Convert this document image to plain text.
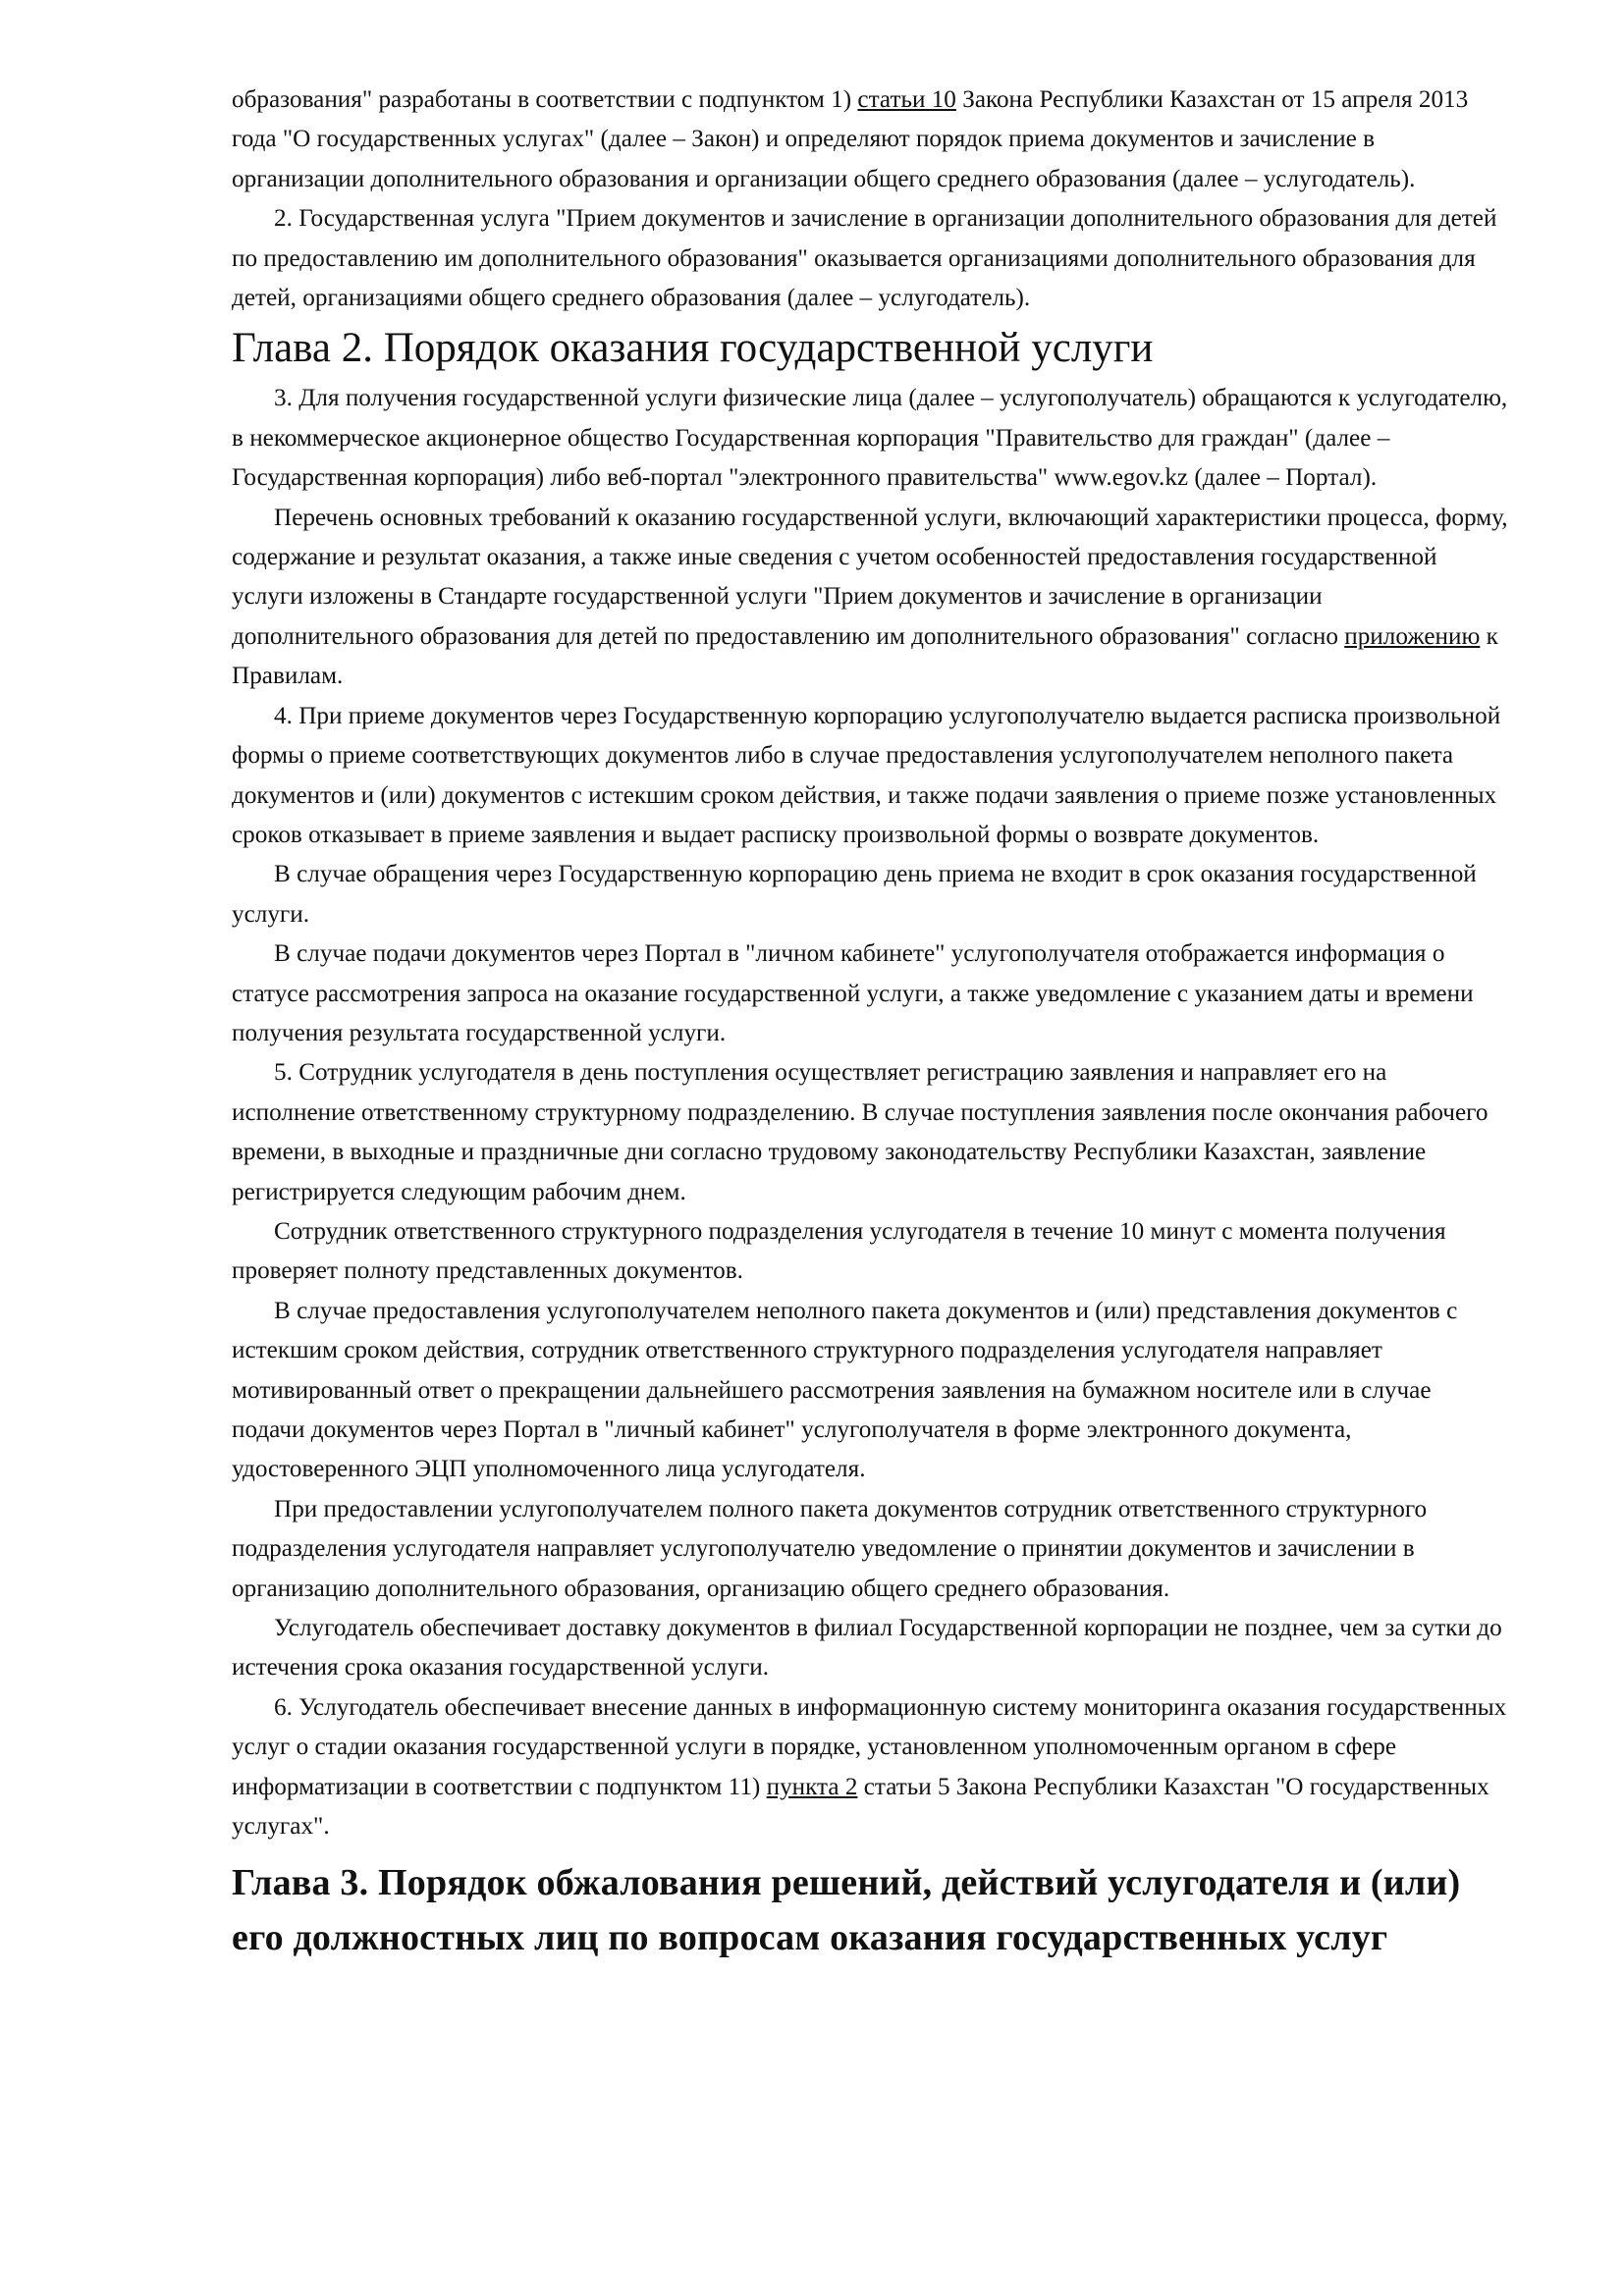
образования" разработаны в соответствии с подпунктом 1) статьи 10 Закона Республики Казахстан от 15 апреля 2013 года "О государственных услугах" (далее – Закон) и определяют порядок приема документов и зачисление в организации дополнительного образования и организации общего среднего образования (далее – услугодатель).

2. Государственная услуга "Прием документов и зачисление в организации дополнительного образования для детей по предоставлению им дополнительного образования" оказывается организациями дополнительного образования для детей, организациями общего среднего образования (далее – услугодатель).

Глава 2. Порядок оказания государственной услуги

3. Для получения государственной услуги физические лица (далее – услугополучатель) обращаются к услугодателю, в некоммерческое акционерное общество Государственная корпорация "Правительство для граждан" (далее – Государственная корпорация) либо веб-портал "электронного правительства" www.egov.kz (далее – Портал).

Перечень основных требований к оказанию государственной услуги, включающий характеристики процесса, форму, содержание и результат оказания, а также иные сведения с учетом особенностей предоставления государственной услуги изложены в Стандарте государственной услуги "Прием документов и зачисление в организации дополнительного образования для детей по предоставлению им дополнительного образования" согласно приложению к Правилам.

4. При приеме документов через Государственную корпорацию услугополучателю выдается расписка произвольной формы о приеме соответствующих документов либо в случае предоставления услугополучателем неполного пакета документов и (или) документов с истекшим сроком действия, и также подачи заявления о приеме позже установленных сроков отказывает в приеме заявления и выдает расписку произвольной формы о возврате документов.

В случае обращения через Государственную корпорацию день приема не входит в срок оказания государственной услуги.

В случае подачи документов через Портал в "личном кабинете" услугополучателя отображается информация о статусе рассмотрения запроса на оказание государственной услуги, а также уведомление с указанием даты и времени получения результата государственной услуги.

5. Сотрудник услугодателя в день поступления осуществляет регистрацию заявления и направляет его на исполнение ответственному структурному подразделению. В случае поступления заявления после окончания рабочего времени, в выходные и праздничные дни согласно трудовому законодательству Республики Казахстан, заявление регистрируется следующим рабочим днем.

Сотрудник ответственного структурного подразделения услугодателя в течение 10 минут с момента получения проверяет полноту представленных документов.

В случае предоставления услугополучателем неполного пакета документов и (или) представления документов с истекшим сроком действия, сотрудник ответственного структурного подразделения услугодателя направляет мотивированный ответ о прекращении дальнейшего рассмотрения заявления на бумажном носителе или в случае подачи документов через Портал в "личный кабинет" услугополучателя в форме электронного документа, удостоверенного ЭЦП уполномоченного лица услугодателя.

При предоставлении услугополучателем полного пакета документов сотрудник ответственного структурного подразделения услугодателя направляет услугополучателю уведомление о принятии документов и зачислении в организацию дополнительного образования, организацию общего среднего образования.

Услугодатель обеспечивает доставку документов в филиал Государственной корпорации не позднее, чем за сутки до истечения срока оказания государственной услуги.

6. Услугодатель обеспечивает внесение данных в информационную систему мониторинга оказания государственных услуг о стадии оказания государственной услуги в порядке, установленном уполномоченным органом в сфере информатизации в соответствии с подпунктом 11) пункта 2 статьи 5 Закона Республики Казахстан "О государственных услугах".

Глава 3. Порядок обжалования решений, действий услугодателя и (или) его должностных лиц по вопросам оказания государственных услуг
